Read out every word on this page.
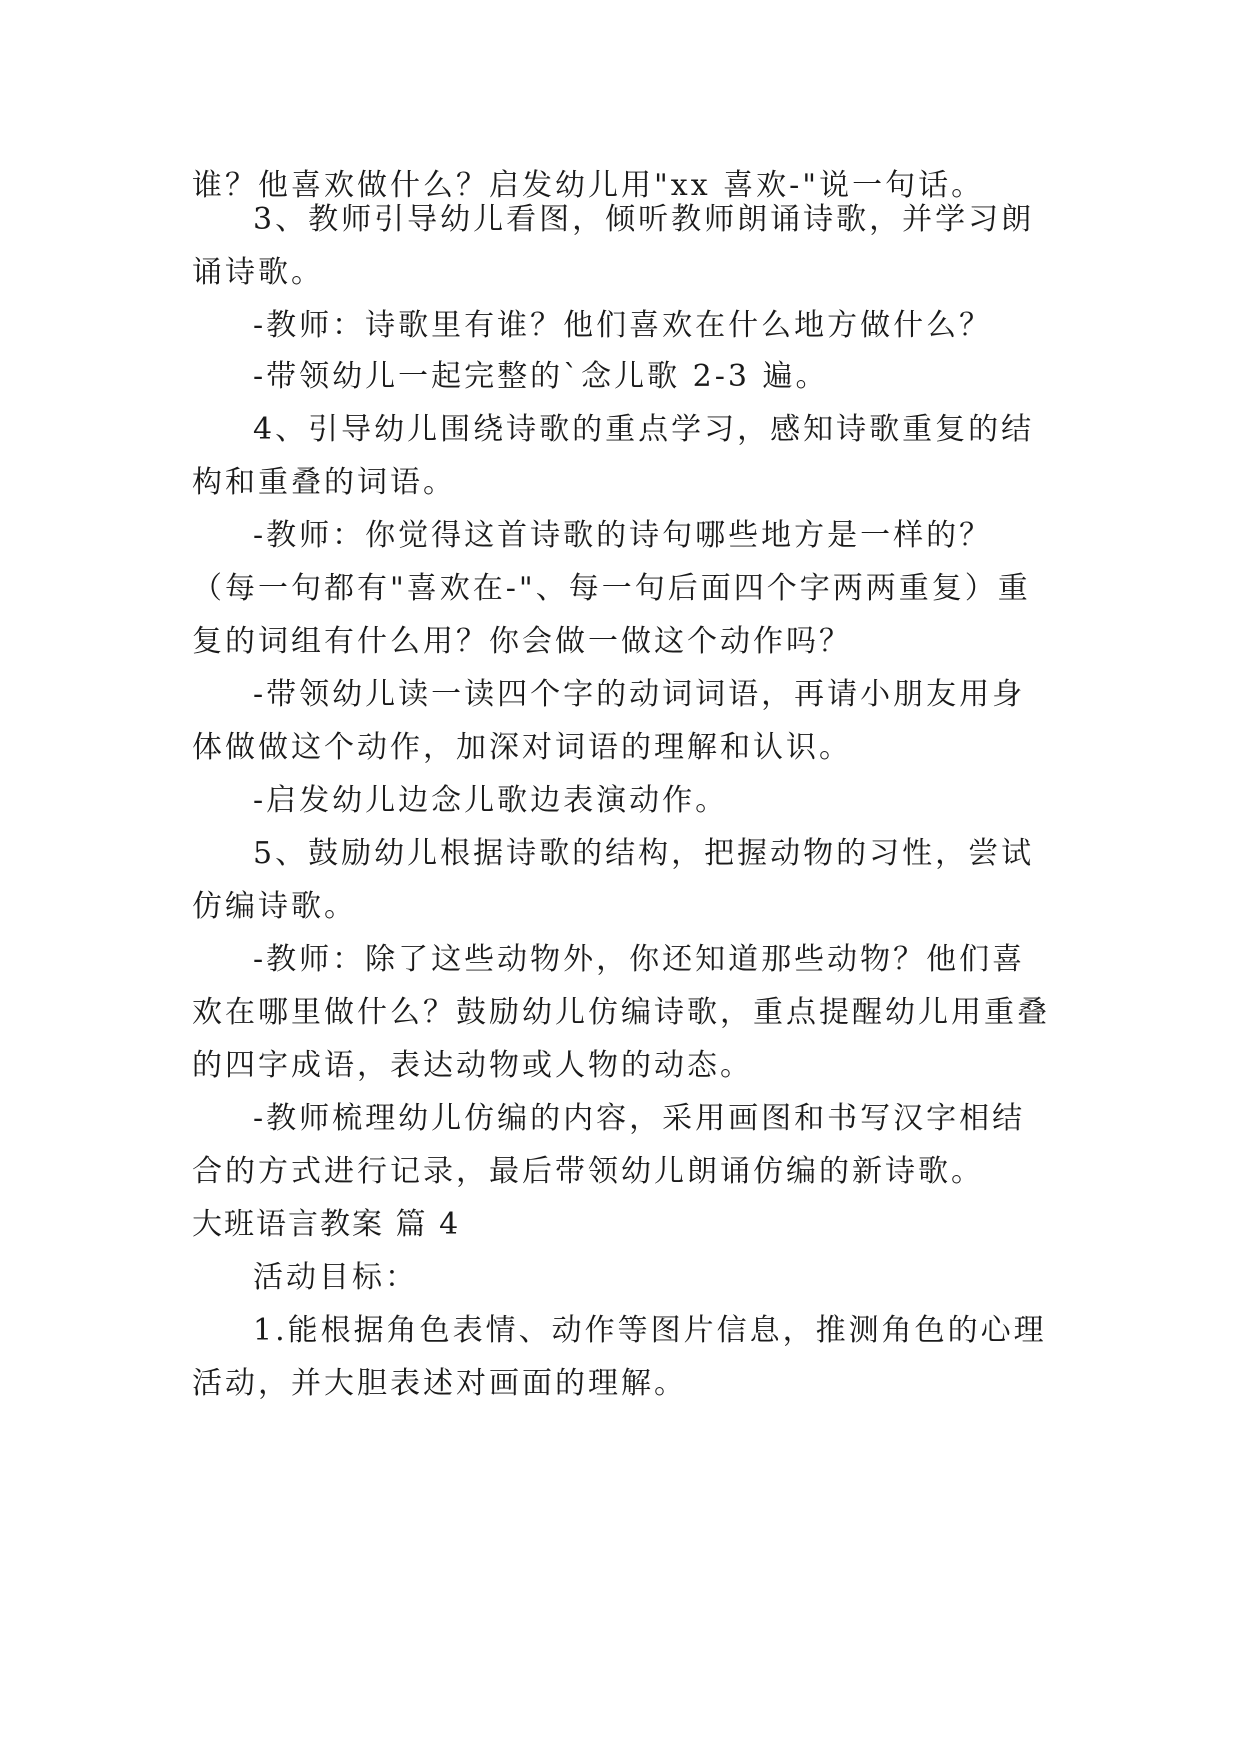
谁？他喜欢做什么？启发幼儿用"xx 喜欢-"说一句话。
3、教师引导幼儿看图，倾听教师朗诵诗歌，并学习朗
诵诗歌。
-教师：诗歌里有谁？他们喜欢在什么地方做什么？
-带领幼儿一起完整的`念儿歌 2-3 遍。
4、引导幼儿围绕诗歌的重点学习，感知诗歌重复的结
构和重叠的词语。
-教师：你觉得这首诗歌的诗句哪些地方是一样的？
（每一句都有"喜欢在-"、每一句后面四个字两两重复）重
复的词组有什么用？你会做一做这个动作吗？
-带领幼儿读一读四个字的动词词语，再请小朋友用身
体做做这个动作，加深对词语的理解和认识。
-启发幼儿边念儿歌边表演动作。
5、鼓励幼儿根据诗歌的结构，把握动物的习性，尝试
仿编诗歌。
-教师：除了这些动物外，你还知道那些动物？他们喜
欢在哪里做什么？鼓励幼儿仿编诗歌，重点提醒幼儿用重叠
的四字成语，表达动物或人物的动态。
-教师梳理幼儿仿编的内容，采用画图和书写汉字相结
合的方式进行记录，最后带领幼儿朗诵仿编的新诗歌。
大班语言教案 篇 4
活动目标：
1.能根据角色表情、动作等图片信息，推测角色的心理
活动，并大胆表述对画面的理解。
